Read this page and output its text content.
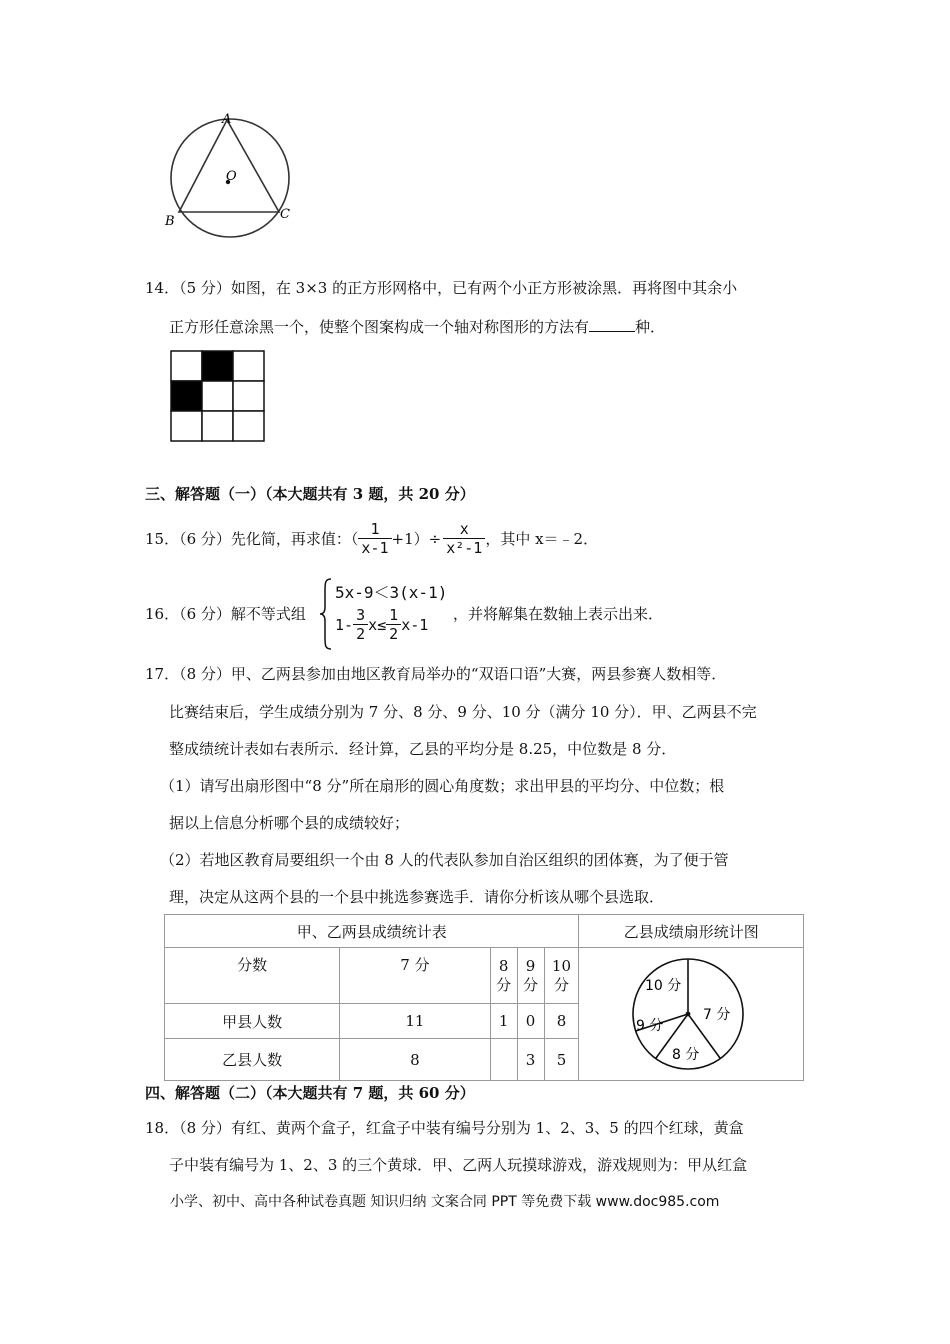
A
O
B	C
14．（5 分）如图，在 3×3 的正方形网格中，已有两个小正方形被涂黑．再将图中其余小
正方形任意涂黑一个，使整个图案构成一个轴对称图形的方法有	种．
三、解答题（一）（本大题共有 3 题，共 20 分）
15．（6 分）先化简，再求值：（ $\frac{1}{x-1} +1)\div \frac{x}{\text{x²-1}}$ ，其中 x＝﹣2．
16．（6 分）解不等式组
5x-9＜3(x-1)
$1- \frac{3}{2} x\le \frac{1}{2} x-1$
，并将解集在数轴上表示出来．
17．（8 分）甲、乙两县参加由地区教育局举办的“双语口语”大赛，两县参赛人数相等．
比赛结束后，学生成绩分别为 7 分、8 分、9 分、10 分（满分 10 分）．甲、乙两县不完
整成绩统计表如右表所示．经计算，乙县的平均分是 8.25，中位数是 8 分．
（1）请写出扇形图中“8 分”所在扇形的圆心角度数；求出甲县的平均分、中位数；根
据以上信息分析哪个县的成绩较好；
（2）若地区教育局要组织一个由 8 人的代表队参加自治区组织的团体赛，为了便于管
理，决定从这两个县的一个县中挑选参赛选手．请你分析该从哪个县选取．
甲、乙两县成绩统计表					乙县成绩扇形统计图
分数	7 分	8 分	9 分	10 分	10 分
7 分
9 分
8 分

甲县人数	11	1	0	8	
乙县人数	8		3	5	
四、解答题（二）（本大题共有 7 题，共 60 分）
18．（8 分）有红、黄两个盒子，红盒子中装有编号分别为 1、2、3、5 的四个红球，黄盒
子中装有编号为 1、2、3 的三个黄球．甲、乙两人玩摸球游戏，游戏规则为：甲从红盒
小学、初中、高中各种试卷真题 知识归纳 文案合同 PPT 等免费下载 www.doc985.com
